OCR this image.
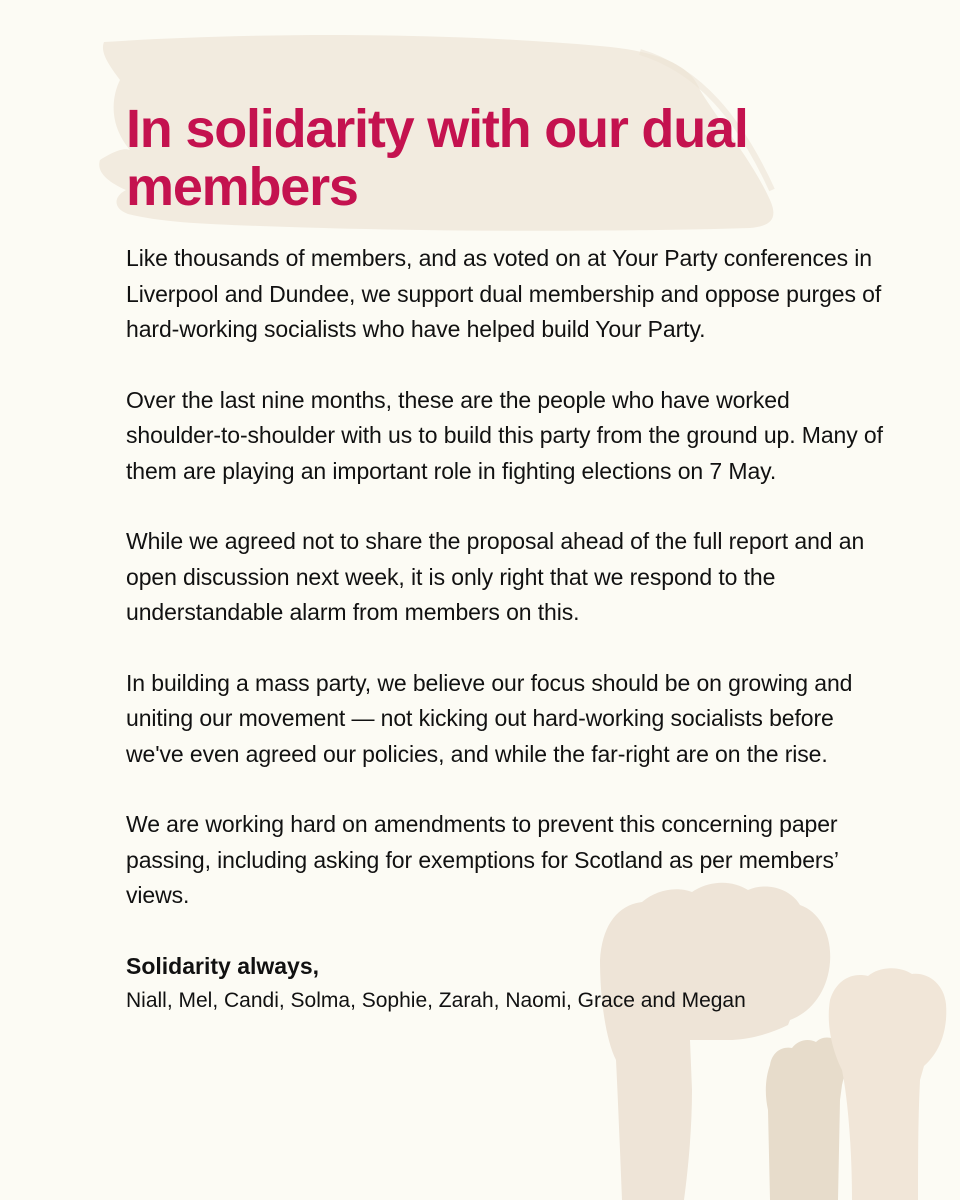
In solidarity with our dual members

Like thousands of members, and as voted on at Your Party conferences in Liverpool and Dundee, we support dual membership and oppose purges of hard-working socialists who have helped build Your Party.

Over the last nine months, these are the people who have worked shoulder-to-shoulder with us to build this party from the ground up. Many of them are playing an important role in fighting elections on 7 May.

While we agreed not to share the proposal ahead of the full report and an open discussion next week, it is only right that we respond to the understandable alarm from members on this.

In building a mass party, we believe our focus should be on growing and uniting our movement — not kicking out hard-working socialists before we've even agreed our policies, and while the far-right are on the rise.

We are working hard on amendments to prevent this concerning paper passing, including asking for exemptions for Scotland as per members’ views.

Solidarity always,

Niall, Mel, Candi, Solma, Sophie, Zarah, Naomi, Grace and Megan
